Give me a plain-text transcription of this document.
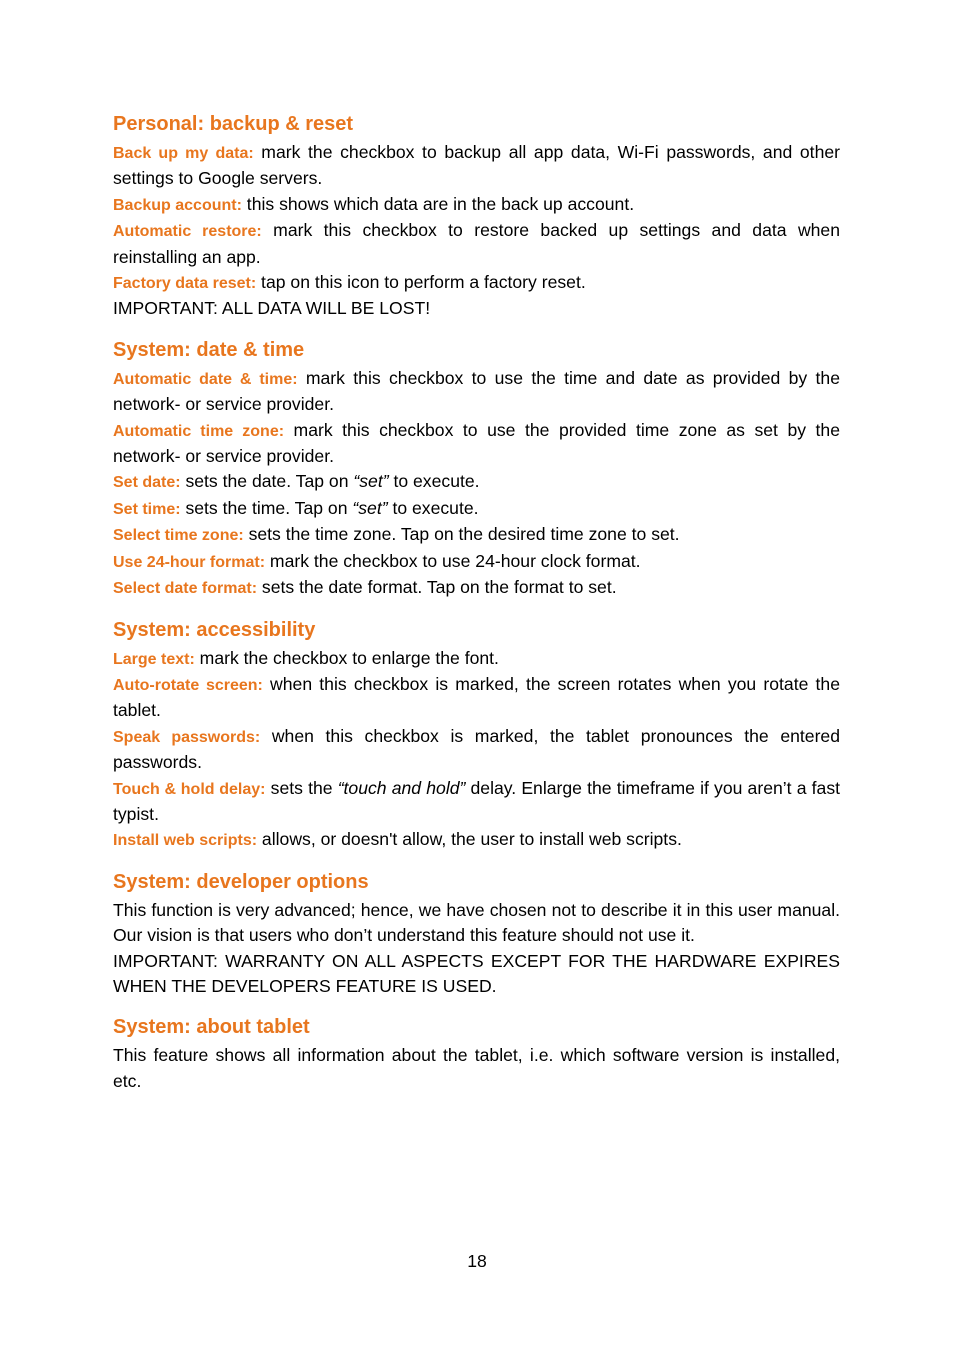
Personal: backup & reset

Back up my data: mark the checkbox to backup all app data, Wi-Fi passwords, and other settings to Google servers.

Backup account: this shows which data are in the back up account.

Automatic restore: mark this checkbox to restore backed up settings and data when reinstalling an app.

Factory data reset: tap on this icon to perform a factory reset.

IMPORTANT: ALL DATA WILL BE LOST!

System: date & time

Automatic date & time: mark this checkbox to use the time and date as provided by the network- or service provider.

Automatic time zone: mark this checkbox to use the provided time zone as set by the network- or service provider.

Set date: sets the date. Tap on “set” to execute.

Set time: sets the time. Tap on “set” to execute.

Select time zone: sets the time zone. Tap on the desired time zone to set.

Use 24-hour format: mark the checkbox to use 24-hour clock format.

Select date format: sets the date format. Tap on the format to set.

System: accessibility

Large text: mark the checkbox to enlarge the font.

Auto-rotate screen: when this checkbox is marked, the screen rotates when you rotate the tablet.

Speak passwords: when this checkbox is marked, the tablet pronounces the entered passwords.

Touch & hold delay: sets the “touch and hold” delay. Enlarge the timeframe if you aren’t a fast typist.

Install web scripts: allows, or doesn't allow, the user to install web scripts.

System: developer options

This function is very advanced; hence, we have chosen not to describe it in this user manual. Our vision is that users who don’t understand this feature should not use it.

IMPORTANT: WARRANTY ON ALL ASPECTS EXCEPT FOR THE HARDWARE EXPIRES WHEN THE DEVELOPERS FEATURE IS USED.

System: about tablet

This feature shows all information about the tablet, i.e. which software version is installed, etc.

18
